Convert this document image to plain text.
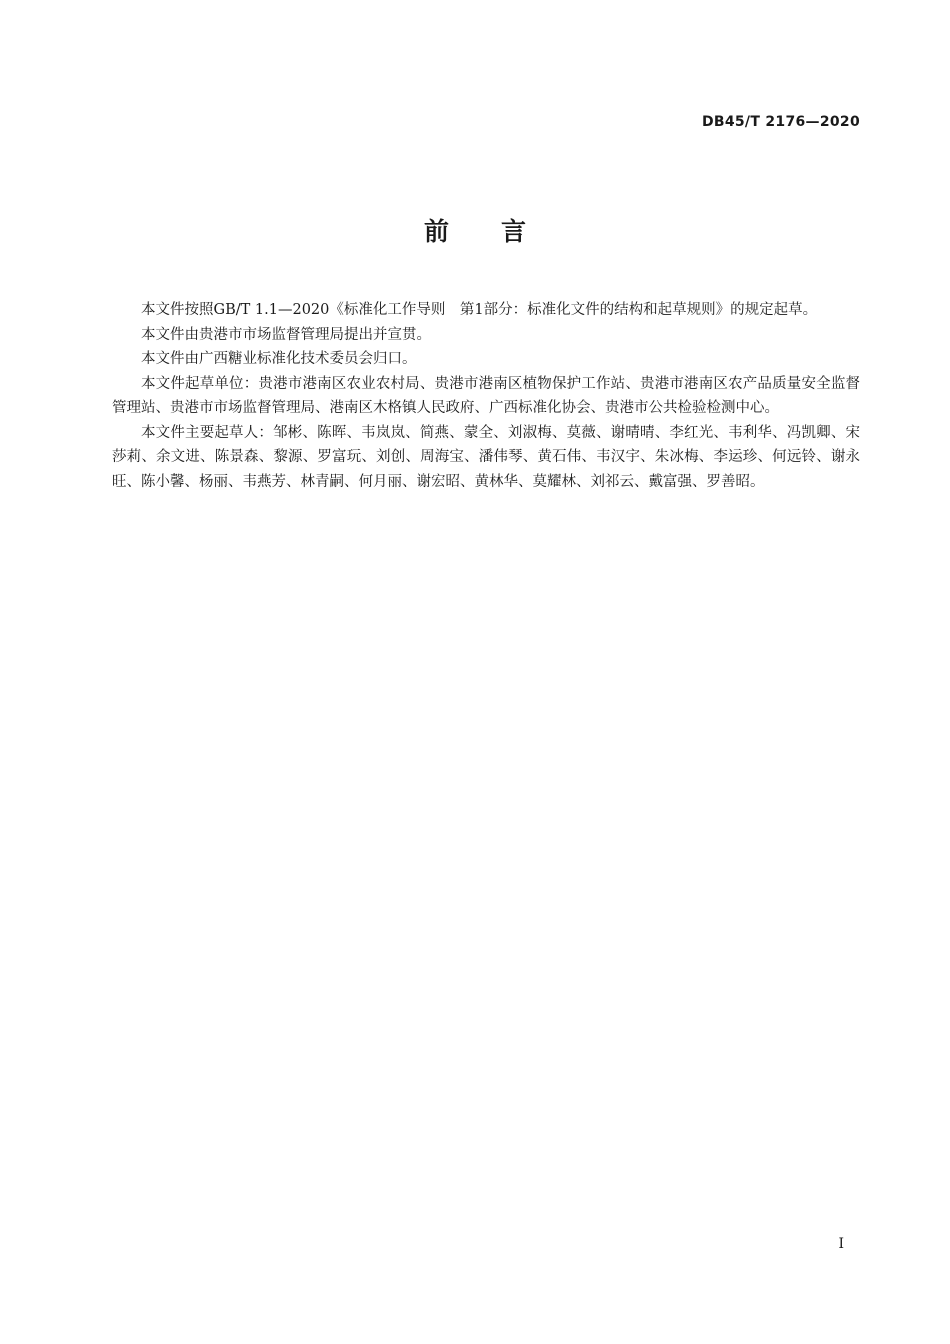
DB45/T 2176—2020
前 言

本文件按照GB/T 1.1—2020《标准化工作导则　第1部分：标准化文件的结构和起草规则》的规定起草。

本文件由贵港市市场监督管理局提出并宣贯。

本文件由广西糖业标准化技术委员会归口。

本文件起草单位：贵港市港南区农业农村局、贵港市港南区植物保护工作站、贵港市港南区农产品质量安全监督管理站、贵港市市场监督管理局、港南区木格镇人民政府、广西标准化协会、贵港市公共检验检测中心。

本文件主要起草人：邹彬、陈晖、韦岚岚、简燕、蒙全、刘淑梅、莫薇、谢晴晴、李红光、韦利华、冯凯卿、宋莎莉、余文进、陈景森、黎源、罗富玩、刘创、周海宝、潘伟琴、黄石伟、韦汉宇、朱冰梅、李运珍、何远铃、谢永旺、陈小馨、杨丽、韦燕芳、林青嗣、何月丽、谢宏昭、黄林华、莫耀林、刘祁云、戴富强、罗善昭。

I
